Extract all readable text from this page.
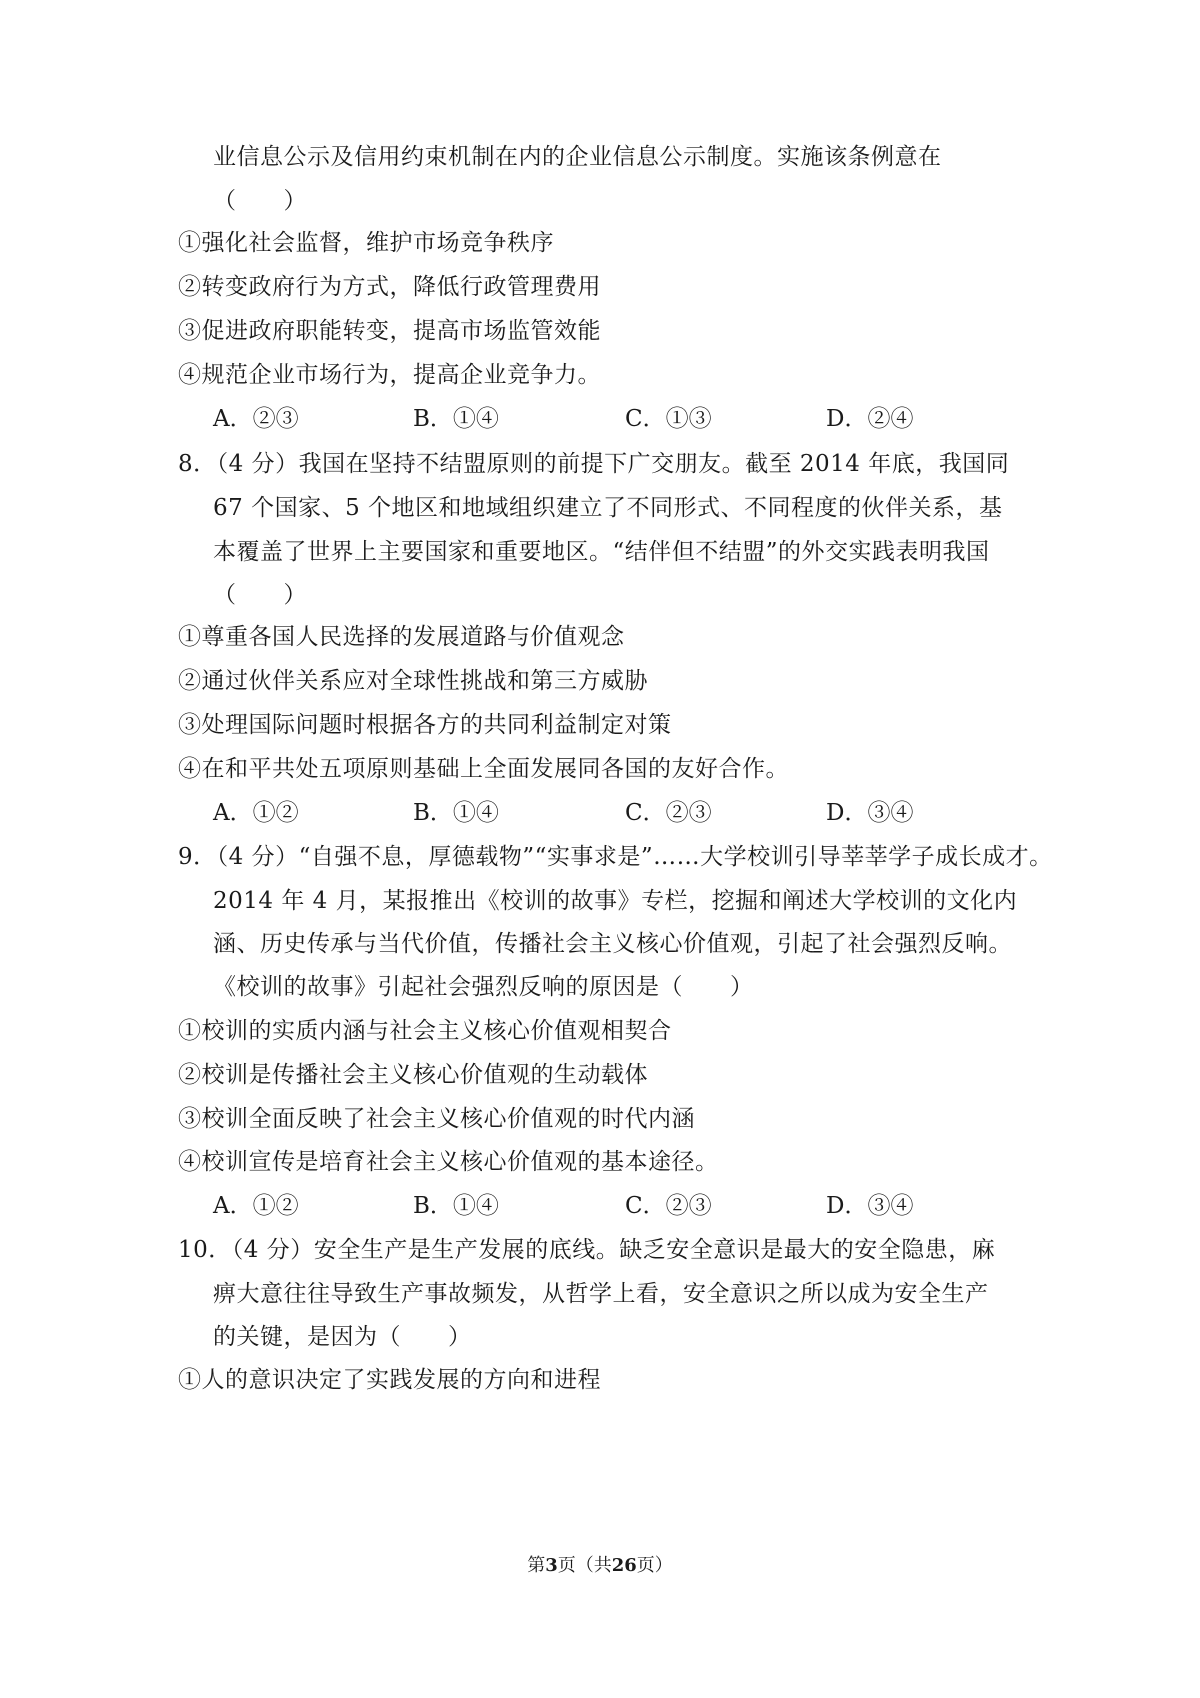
业信息公示及信用约束机制在内的企业信息公示制度。实施该条例意在
（　　）
①强化社会监督，维护市场竞争秩序
②转变政府行为方式，降低行政管理费用
③促进政府职能转变，提高市场监管效能
④规范企业市场行为，提高企业竞争力。
A．②③	B．①④	C．①③	D．②④
8．（4 分）我国在坚持不结盟原则的前提下广交朋友。截至 2014 年底，我国同
67 个国家、5 个地区和地域组织建立了不同形式、不同程度的伙伴关系，基
本覆盖了世界上主要国家和重要地区。“结伴但不结盟”的外交实践表明我国
（　　）
①尊重各国人民选择的发展道路与价值观念
②通过伙伴关系应对全球性挑战和第三方威胁
③处理国际问题时根据各方的共同利益制定对策
④在和平共处五项原则基础上全面发展同各国的友好合作。
A．①②	B．①④	C．②③	D．③④
9．（4 分）“自强不息，厚德载物”“实事求是”……大学校训引导莘莘学子成长成才。
2014 年 4 月，某报推出《校训的故事》专栏，挖掘和阐述大学校训的文化内
涵、历史传承与当代价值，传播社会主义核心价值观，引起了社会强烈反响。
《校训的故事》引起社会强烈反响的原因是（　　）
①校训的实质内涵与社会主义核心价值观相契合
②校训是传播社会主义核心价值观的生动载体
③校训全面反映了社会主义核心价值观的时代内涵
④校训宣传是培育社会主义核心价值观的基本途径。
A．①②	B．①④	C．②③	D．③④
10．（4 分）安全生产是生产发展的底线。缺乏安全意识是最大的安全隐患，麻
痹大意往往导致生产事故频发，从哲学上看，安全意识之所以成为安全生产
的关键，是因为（　　）
①人的意识决定了实践发展的方向和进程
第3页（共26页）
